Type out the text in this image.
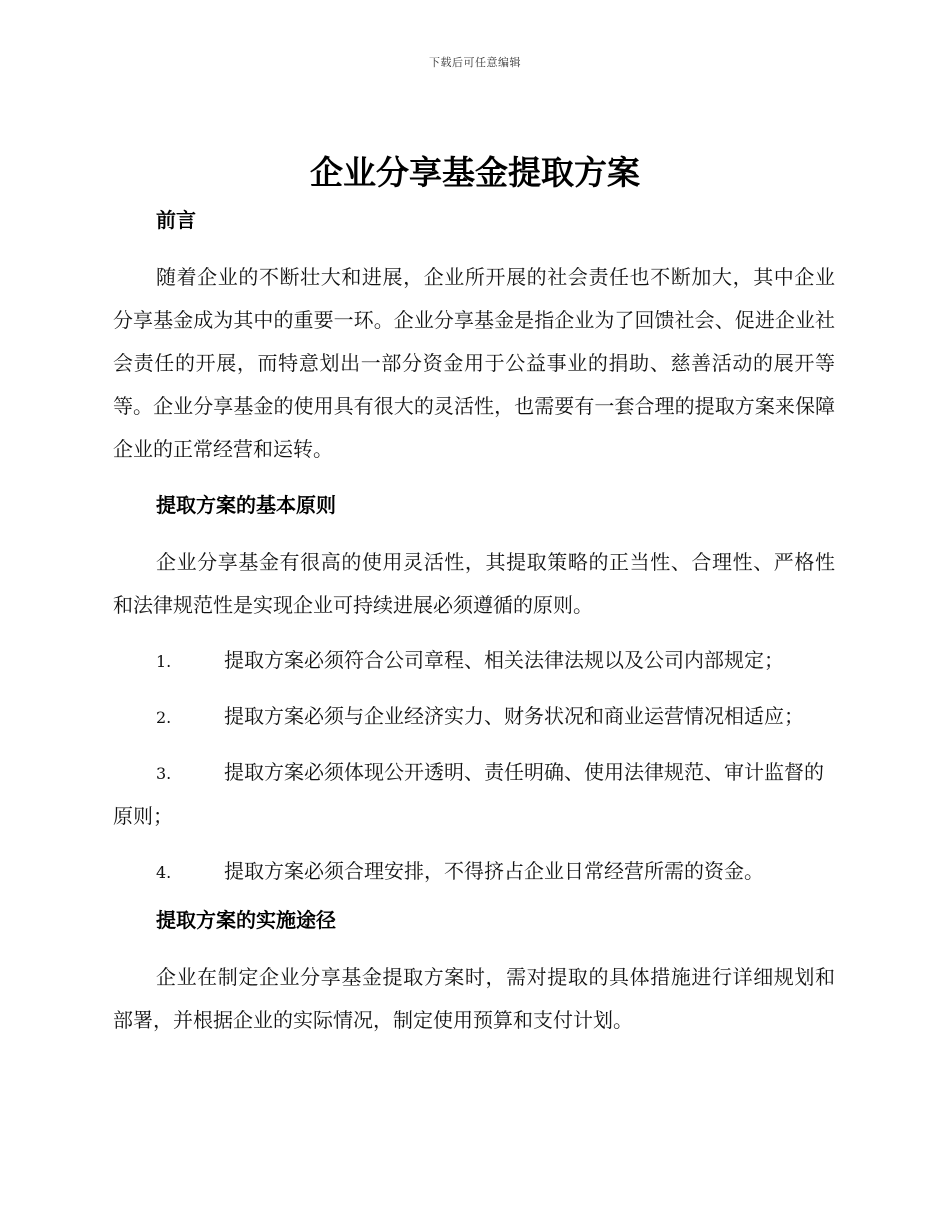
下载后可任意编辑
企业分享基金提取方案
前言

随着企业的不断壮大和进展，企业所开展的社会责任也不断加大，其中企业分享基金成为其中的重要一环。企业分享基金是指企业为了回馈社会、促进企业社会责任的开展，而特意划出一部分资金用于公益事业的捐助、慈善活动的展开等等。企业分享基金的使用具有很大的灵活性，也需要有一套合理的提取方案来保障企业的正常经营和运转。

提取方案的基本原则

企业分享基金有很高的使用灵活性，其提取策略的正当性、合理性、严格性和法律规范性是实现企业可持续进展必须遵循的原则。

1.	提取方案必须符合公司章程、相关法律法规以及公司内部规定；

2.	提取方案必须与企业经济实力、财务状况和商业运营情况相适应；

3.	提取方案必须体现公开透明、责任明确、使用法律规范、审计监督的原则；

4.	提取方案必须合理安排，不得挤占企业日常经营所需的资金。

提取方案的实施途径

企业在制定企业分享基金提取方案时，需对提取的具体措施进行详细规划和部署，并根据企业的实际情况，制定使用预算和支付计划。
